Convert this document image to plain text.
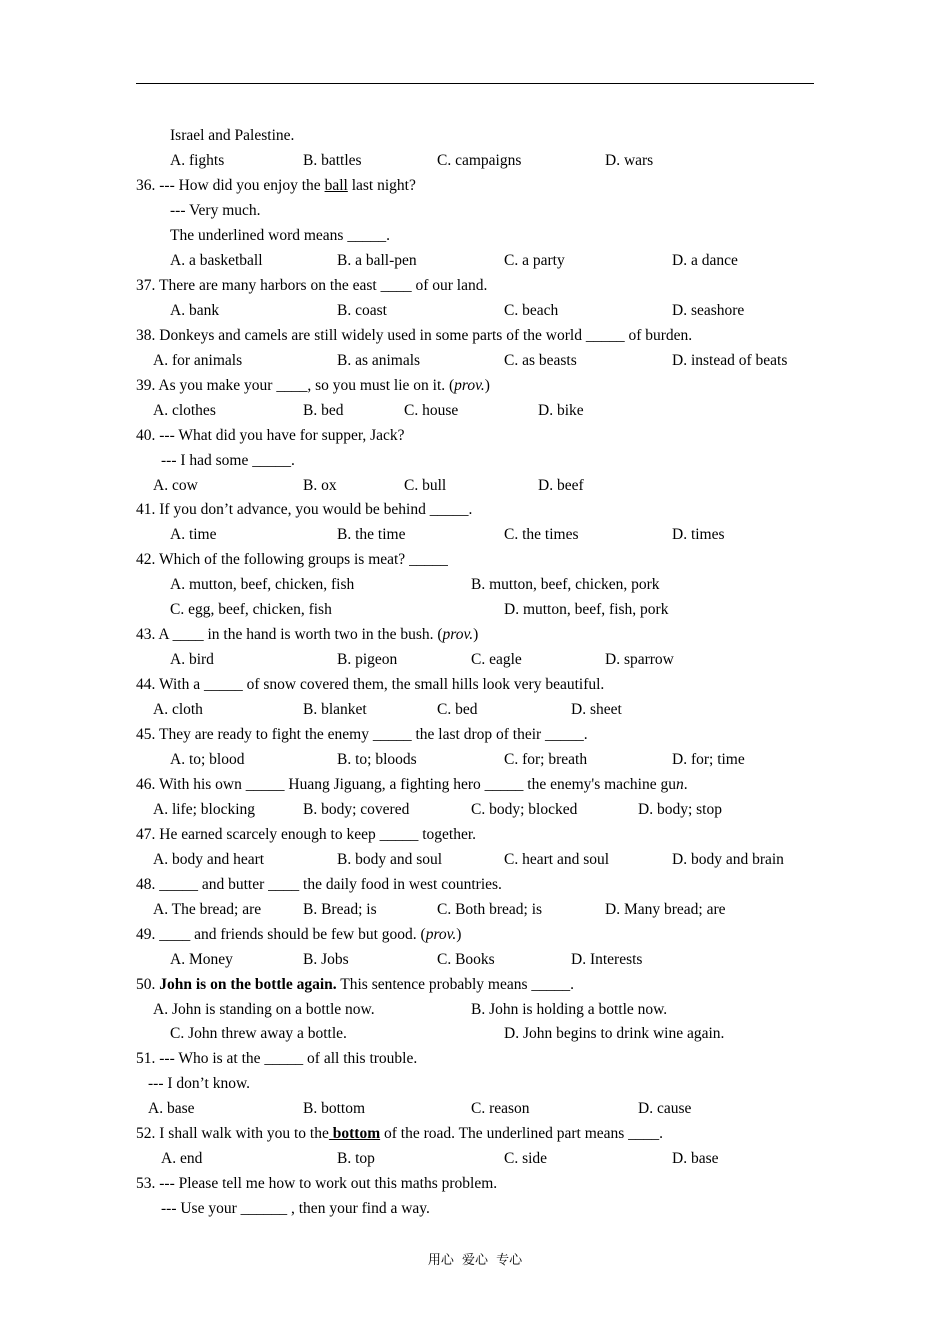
Israel and Palestine.
A. fights	B. battles	C. campaigns	D. wars
36. --- How did you enjoy the ball last night?
--- Very much.
The underlined word means _____.
A. a basketball	B. a ball-pen	C. a party	D. a dance
37. There are many harbors on the east ____ of our land.
A. bank	B. coast	C. beach	D. seashore
38. Donkeys and camels are still widely used in some parts of the world _____ of burden.
A. for animals	B. as animals	C. as beasts	D. instead of beats
39. As you make your ____, so you must lie on it. (prov.)
A. clothes	B. bed	C. house	D. bike
40. --- What did you have for supper, Jack?
--- I had some _____.
A. cow	B. ox	C. bull	D. beef
41. If you don’t advance, you would be behind _____.
A. time	B. the time	C. the times	D. times
42. Which of the following groups is meat? _____
A. mutton, beef, chicken, fish	B. mutton, beef, chicken, pork
C. egg, beef, chicken, fish	D. mutton, beef, fish, pork
43. A ____ in the hand is worth two in the bush. (prov.)
A. bird	B. pigeon	C. eagle	D. sparrow
44. With a _____ of snow covered them, the small hills look very beautiful.
A. cloth	B. blanket	C. bed	D. sheet
45. They are ready to fight the enemy _____ the last drop of their _____.
A. to; blood	B. to; bloods	C. for; breath	D. for; time
46. With his own _____ Huang Jiguang, a fighting hero _____ the enemy's machine gun.
A. life; blocking	B. body; covered	C. body; blocked	D. body; stop
47. He earned scarcely enough to keep _____ together.
A. body and heart	B. body and soul	C. heart and soul	D. body and brain
48. _____ and butter ____ the daily food in west countries.
A. The bread; are	B. Bread; is	C. Both bread; is	D. Many bread; are
49. ____ and friends should be few but good. (prov.)
A. Money	B. Jobs	C. Books	D. Interests
50. John is on the bottle again. This sentence probably means _____.
A. John is standing on a bottle now.	B. John is holding a bottle now.
C. John threw away a bottle.	D. John begins to drink wine again.
51. --- Who is at the _____ of all this trouble.
--- I don’t know.
A. base	B. bottom	C. reason	D. cause
52. I shall walk with you to the bottom of the road. The underlined part means ____.
A. end	B. top	C. side	D. base
53. --- Please tell me how to work out this maths problem.
--- Use your ______ , then your find a way.
用心 爱心 专心
